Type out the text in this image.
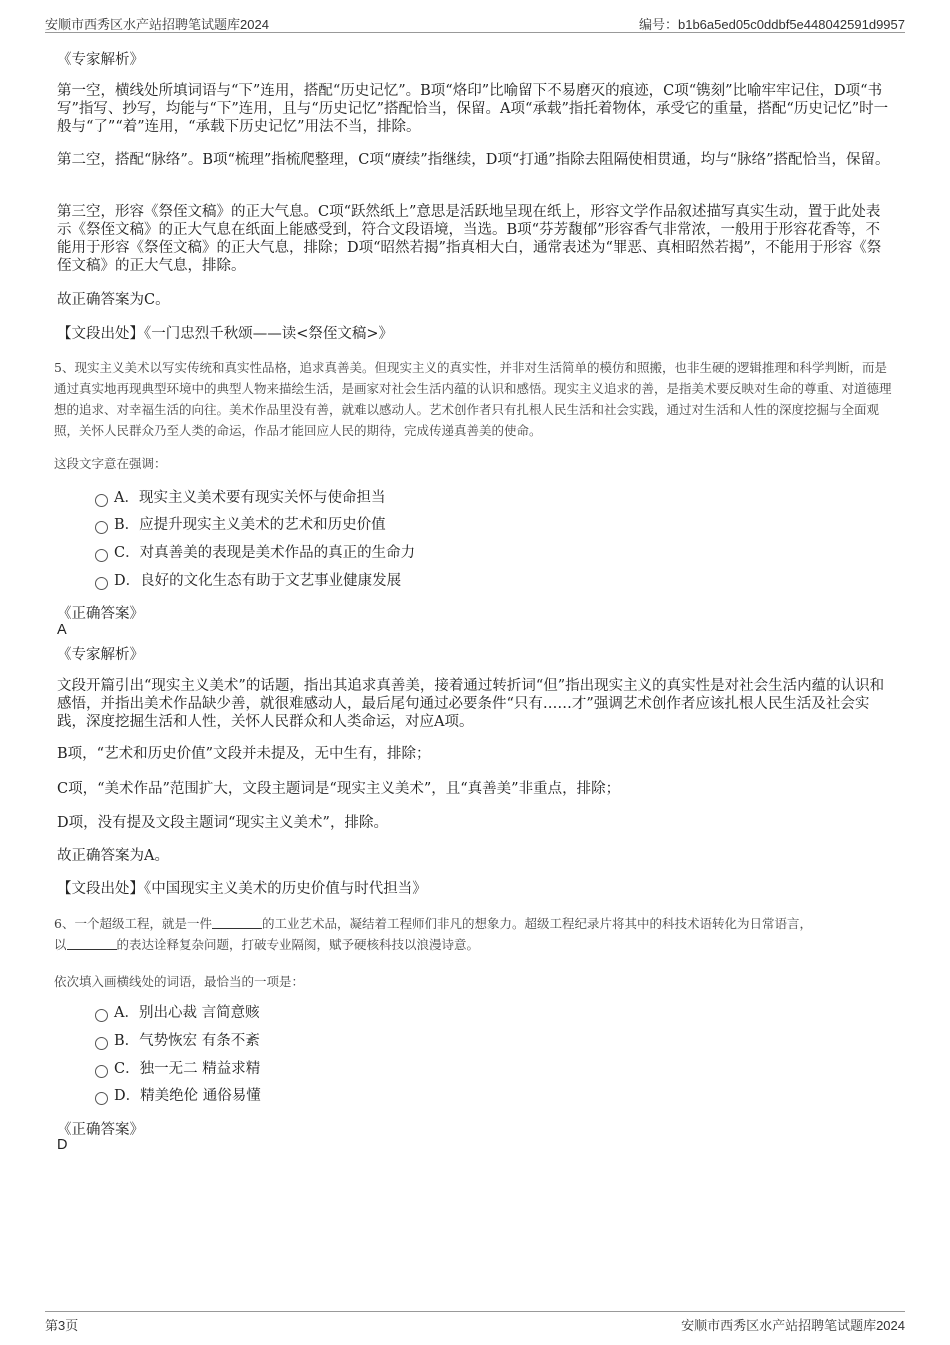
安顺市西秀区水产站招聘笔试题库2024	编号：b1b6a5ed05c0ddbf5e448042591d9957
《专家解析》
第一空，横线处所填词语与“下”连用，搭配“历史记忆”。B项“烙印”比喻留下不易磨灭的痕迹，C项“镌刻”比喻牢牢记住，D项“书写”指写、抄写，均能与“下”连用，且与“历史记忆”搭配恰当，保留。A项“承载”指托着物体，承受它的重量，搭配“历史记忆”时一般与“了”“着”连用，“承载下历史记忆”用法不当，排除。
第二空，搭配“脉络”。B项“梳理”指梳爬整理，C项“赓续”指继续，D项“打通”指除去阻隔使相贯通，均与“脉络”搭配恰当，保留。
第三空，形容《祭侄文稿》的正大气息。C项“跃然纸上”意思是活跃地呈现在纸上，形容文学作品叙述描写真实生动，置于此处表示《祭侄文稿》的正大气息在纸面上能感受到，符合文段语境，当选。B项“芬芳馥郁”形容香气非常浓，一般用于形容花香等，不能用于形容《祭侄文稿》的正大气息，排除；D项“昭然若揭”指真相大白，通常表述为“罪恶、真相昭然若揭”，不能用于形容《祭侄文稿》的正大气息，排除。
故正确答案为C。
【文段出处】《一门忠烈千秋颂——读<祭侄文稿>》
5、现实主义美术以写实传统和真实性品格，追求真善美。但现实主义的真实性，并非对生活简单的模仿和照搬，也非生硬的逻辑推理和科学判断，而是通过真实地再现典型环境中的典型人物来描绘生活，是画家对社会生活内蕴的认识和感悟。现实主义追求的善，是指美术要反映对生命的尊重、对道德理想的追求、对幸福生活的向往。美术作品里没有善，就难以感动人。艺术创作者只有扎根人民生活和社会实践，通过对生活和人性的深度挖掘与全面观照，关怀人民群众乃至人类的命运，作品才能回应人民的期待，完成传递真善美的使命。
这段文字意在强调：
A．现实主义美术要有现实关怀与使命担当
B．应提升现实主义美术的艺术和历史价值
C．对真善美的表现是美术作品的真正的生命力
D．良好的文化生态有助于文艺事业健康发展
《正确答案》
A
《专家解析》
文段开篇引出“现实主义美术”的话题，指出其追求真善美，接着通过转折词“但”指出现实主义的真实性是对社会生活内蕴的认识和感悟，并指出美术作品缺少善，就很难感动人，最后尾句通过必要条件“只有……才”强调艺术创作者应该扎根人民生活及社会实践，深度挖掘生活和人性，关怀人民群众和人类命运，对应A项。
B项，“艺术和历史价值”文段并未提及，无中生有，排除；
C项，“美术作品”范围扩大，文段主题词是“现实主义美术”，且“真善美”非重点，排除；
D项，没有提及文段主题词“现实主义美术”，排除。
故正确答案为A。
【文段出处】《中国现实主义美术的历史价值与时代担当》
6、一个超级工程，就是一件	的工业艺术品，凝结着工程师们非凡的想象力。超级工程纪录片将其中的科技术语转化为日常语言，
以	的表达诠释复杂问题，打破专业隔阂，赋予硬核科技以浪漫诗意。
依次填入画横线处的词语，最恰当的一项是：
A．别出心裁 言简意赅
B．气势恢宏 有条不紊
C．独一无二 精益求精
D．精美绝伦 通俗易懂
《正确答案》
D
第3页	安顺市西秀区水产站招聘笔试题库2024
